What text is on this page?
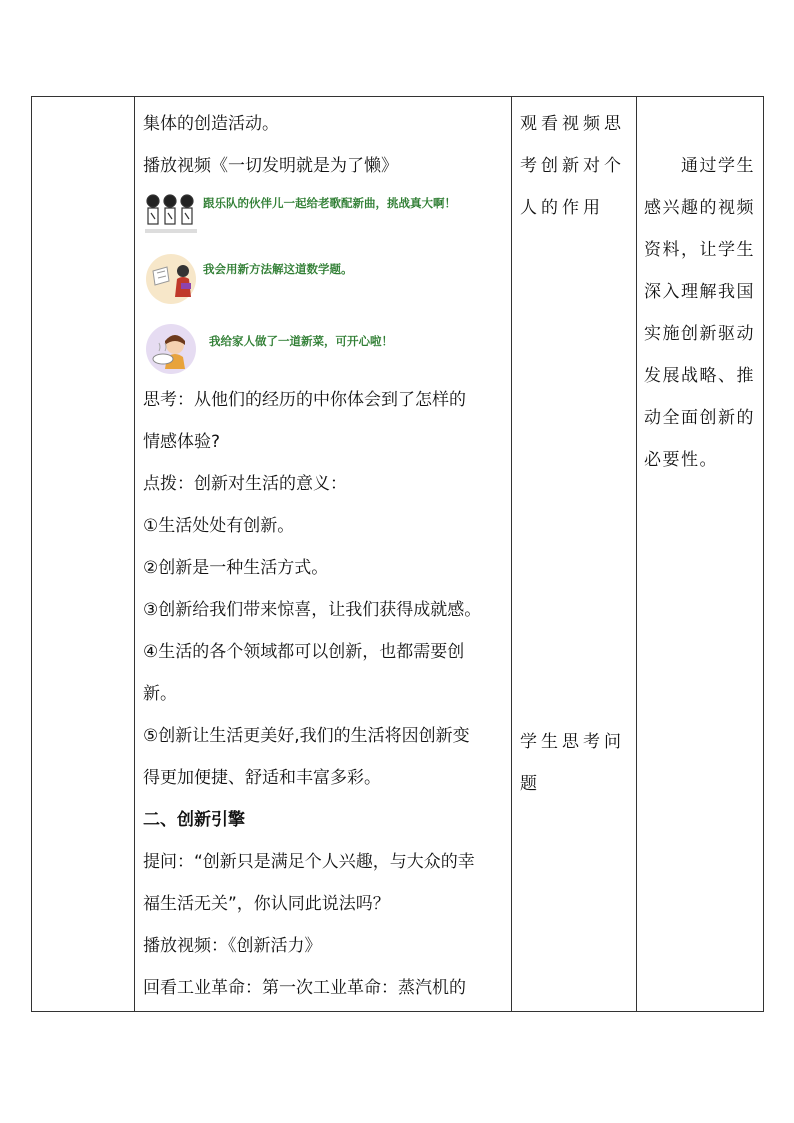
集体的创造活动。
播放视频《一切发明就是为了懒》
跟乐队的伙伴儿一起给老歌配新曲，挑战真大啊！
我会用新方法解这道数学题。
我给家人做了一道新菜，可开心啦！
思考：从他们的经历的中你体会到了怎样的
情感体验?
点拨：创新对生活的意义：
①生活处处有创新。
②创新是一种生活方式。
③创新给我们带来惊喜，让我们获得成就感。
④生活的各个领域都可以创新，也都需要创
新。
⑤创新让生活更美好,我们的生活将因创新变
得更加便捷、舒适和丰富多彩。
二、创新引擎
提问：“创新只是满足个人兴趣，与大众的幸
福生活无关”，你认同此说法吗？
播放视频：《创新活力》
回看工业革命：第一次工业革命：蒸汽机的
观看视频思
考创新对个
人的作用
学生思考问
题
　　通过学生
感兴趣的视频
资料，让学生
深入理解我国
实施创新驱动
发展战略、推
动全面创新的
必要性。
